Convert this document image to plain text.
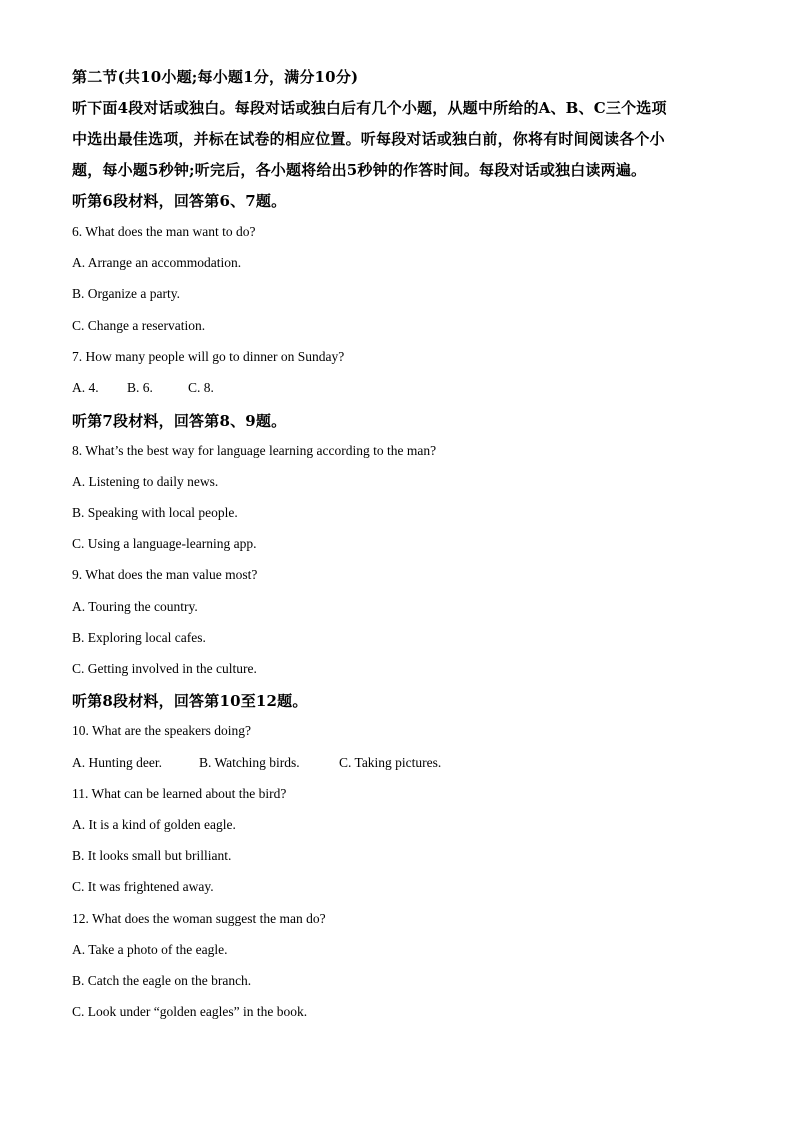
第二节(共10小题;每小题1分，满分10分)
听下面4段对话或独白。每段对话或独白后有几个小题，从题中所给的A、B、C三个选项
中选出最佳选项，并标在试卷的相应位置。听每段对话或独白前，你将有时间阅读各个小
题，每小题5秒钟;听完后，各小题将给出5秒钟的作答时间。每段对话或独白读两遍。
听第6段材料，回答第6、7题。
6. What does the man want to do?
A. Arrange an accommodation.
B. Organize a party.
C. Change a reservation.
7. How many people will go to dinner on Sunday?
A. 4. B. 6.	C. 8.
听第7段材料，回答第8、9题。
8. What’s the best way for language learning according to the man?
A. Listening to daily news.
B. Speaking with local people.
C. Using a language-learning app.
9. What does the man value most?
A. Touring the country.
B. Exploring local cafes.
C. Getting involved in the culture.
听第8段材料，回答第10至12题。
10. What are the speakers doing?
A. Hunting deer.	B. Watching birds.	C. Taking pictures.
11. What can be learned about the bird?
A. It is a kind of golden eagle.
B. It looks small but brilliant.
C. It was frightened away.
12. What does the woman suggest the man do?
A. Take a photo of the eagle.
B. Catch the eagle on the branch.
C. Look under “golden eagles” in the book.
